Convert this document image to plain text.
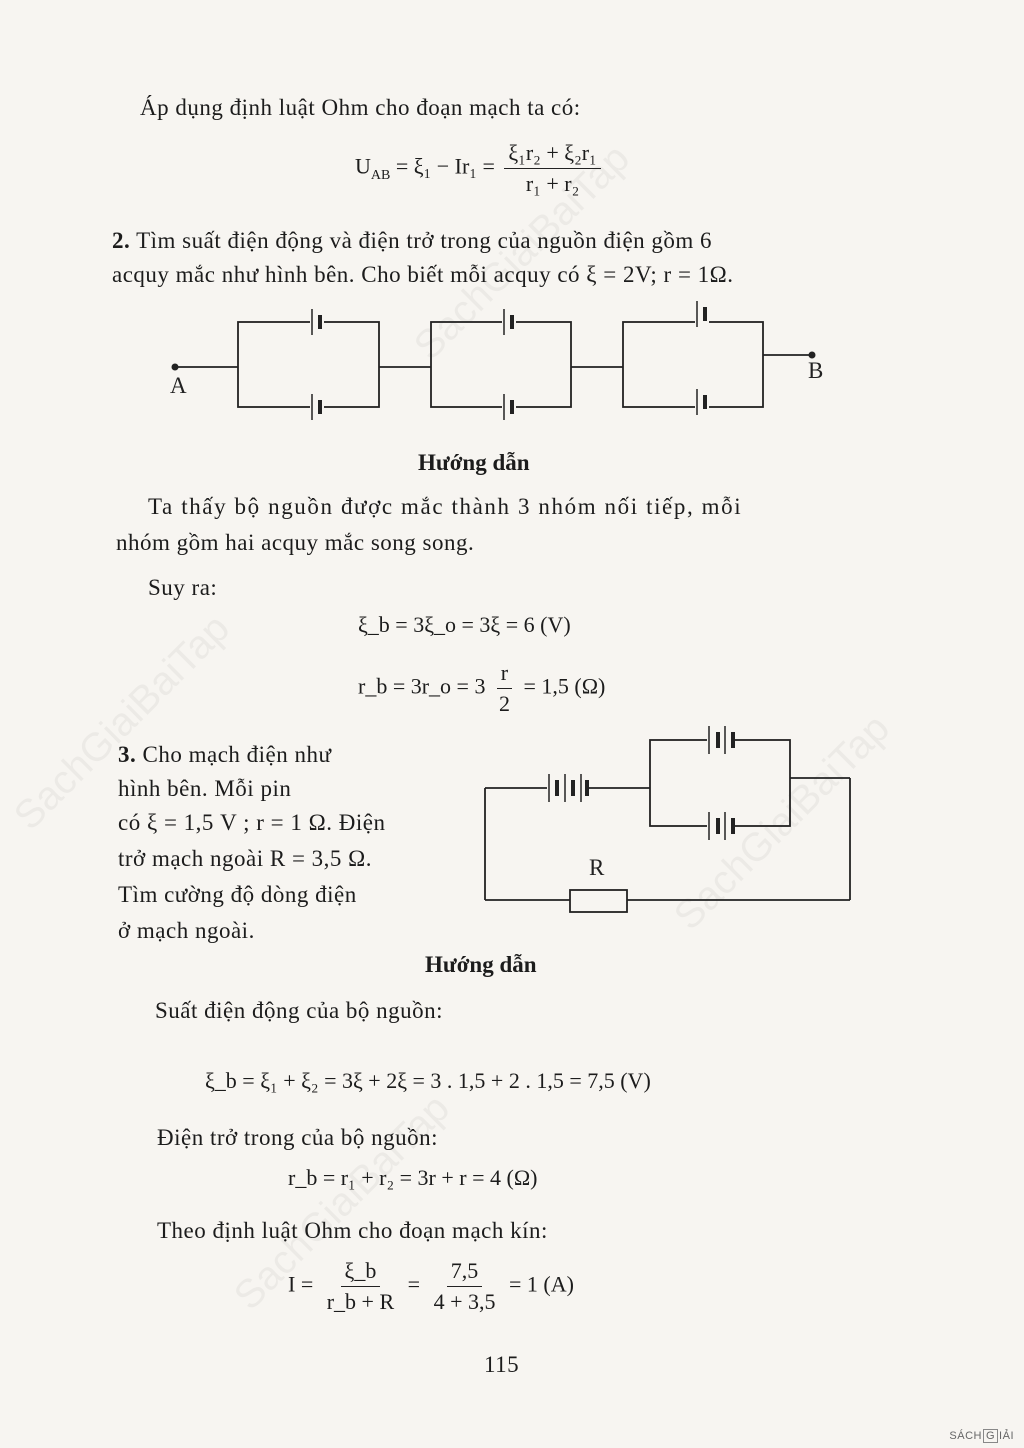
Áp dụng định luật Ohm cho đoạn mạch ta có:
$U_{AB} = \xi_1 - Ir_1 = \frac{\text{ξ₁r₂ + ξ₂r₁}}{\text{r₁ + r₂}}$
2. Tìm suất điện động và điện trở trong của nguồn điện gồm 6
acquy mắc như hình bên. Cho biết mỗi acquy có ξ = 2V; r = 1Ω.
A
B
Hướng dẫn
Ta thấy bộ nguồn được mắc thành 3 nhóm nối tiếp, mỗi
nhóm gồm hai acquy mắc song song.
Suy ra:
ξ_b = 3ξ_o = 3ξ = 6 (V)
r_b = 3r_o = $3 \frac{r}{2} = 1,5$ (Ω)
3. Cho mạch điện như
hình bên. Mỗi pin
có ξ = 1,5 V ; r = 1 Ω. Điện
trở mạch ngoài R = 3,5 Ω.
Tìm cường độ dòng điện
ở mạch ngoài.
R
Hướng dẫn
Suất điện động của bộ nguồn:
ξ_b = ξ₁ + ξ₂ = 3ξ + 2ξ = 3 . 1,5 + 2 . 1,5 = 7,5 (V)
Điện trở trong của bộ nguồn:
r_b = r₁ + r₂ = 3r + r = 4 (Ω)
Theo định luật Ohm cho đoạn mạch kín:
$I = \frac{\xi\_b}{r\_b + R} = \frac{7,5}{4 + 3,5} = 1$ (A)
115
SÁCH G IẢI
